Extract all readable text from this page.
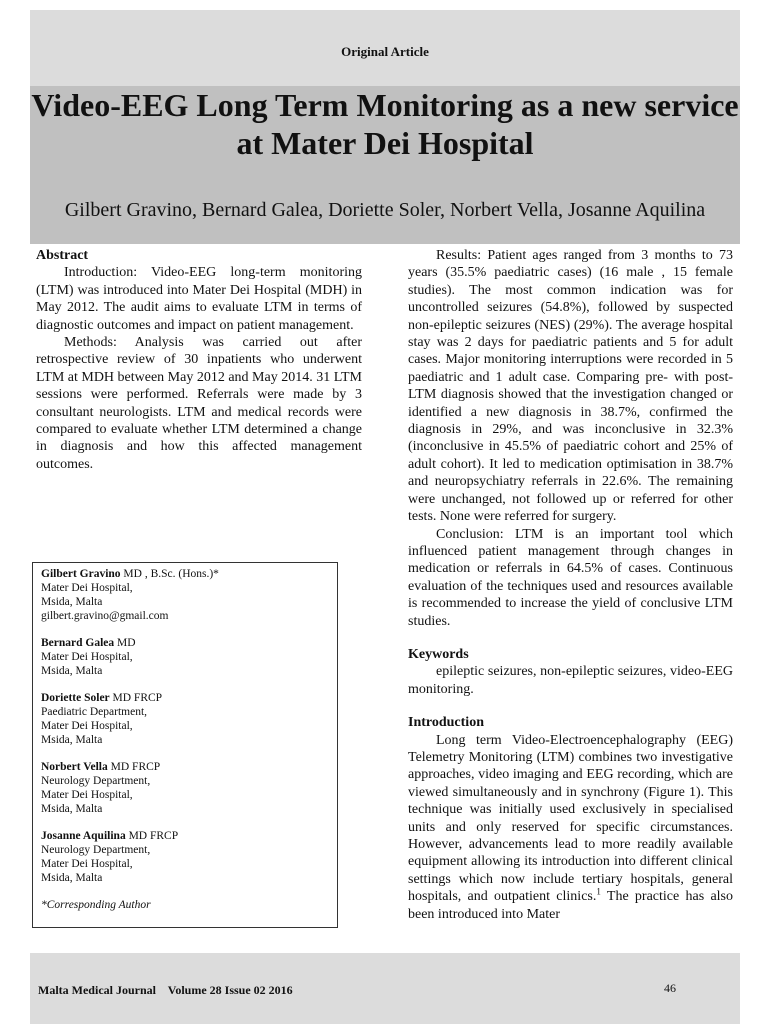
Original Article
Video-EEG Long Term Monitoring as a new service at Mater Dei Hospital
Gilbert Gravino, Bernard Galea, Doriette Soler, Norbert Vella, Josanne Aquilina
Abstract

Introduction: Video-EEG long-term monitoring (LTM) was introduced into Mater Dei Hospital (MDH) in May 2012. The audit aims to evaluate LTM in terms of diagnostic outcomes and impact on patient management.

Methods: Analysis was carried out after retrospective review of 30 inpatients who underwent LTM at MDH between May 2012 and May 2014. 31 LTM sessions were performed. Referrals were made by 3 consultant neurologists. LTM and medical records were compared to evaluate whether LTM determined a change in diagnosis and how this affected management outcomes.

Gilbert Gravino MD , B.Sc. (Hons.)*
Mater Dei Hospital,
Msida, Malta
gilbert.gravino@gmail.com
Bernard Galea MD
Mater Dei Hospital,
Msida, Malta
Doriette Soler MD FRCP
Paediatric Department,
Mater Dei Hospital,
Msida, Malta
Norbert Vella MD FRCP
Neurology Department,
Mater Dei Hospital,
Msida, Malta
Josanne Aquilina MD FRCP
Neurology Department,
Mater Dei Hospital,
Msida, Malta
*Corresponding Author

Results: Patient ages ranged from 3 months to 73 years (35.5% paediatric cases) (16 male , 15 female studies). The most common indication was for uncontrolled seizures (54.8%), followed by suspected non-epileptic seizures (NES) (29%). The average hospital stay was 2 days for paediatric patients and 5 for adult cases. Major monitoring interruptions were recorded in 5 paediatric and 1 adult case. Comparing pre- with post-LTM diagnosis showed that the investigation changed or identified a new diagnosis in 38.7%, confirmed the diagnosis in 29%, and was inconclusive in 32.3% (inconclusive in 45.5% of paediatric cohort and 25% of adult cohort). It led to medication optimisation in 38.7% and neuropsychiatry referrals in 22.6%. The remaining were unchanged, not followed up or referred for other tests. None were referred for surgery.

Conclusion: LTM is an important tool which influenced patient management through changes in medication or referrals in 64.5% of cases. Continuous evaluation of the techniques used and resources available is recommended to increase the yield of conclusive LTM studies.

Keywords

epileptic seizures, non-epileptic seizures, video-EEG monitoring.

Introduction

Long term Video-Electroencephalography (EEG) Telemetry Monitoring (LTM) combines two investigative approaches, video imaging and EEG recording, which are viewed simultaneously and in synchrony (Figure 1). This technique was initially used exclusively in specialised units and only reserved for specific circumstances. However, advancements lead to more readily available equipment allowing its introduction into different clinical settings which now include tertiary hospitals, general hospitals, and outpatient clinics.$^1$ The practice has also been introduced into Mater

Malta Medical Journal    Volume 28 Issue 02 2016	46
